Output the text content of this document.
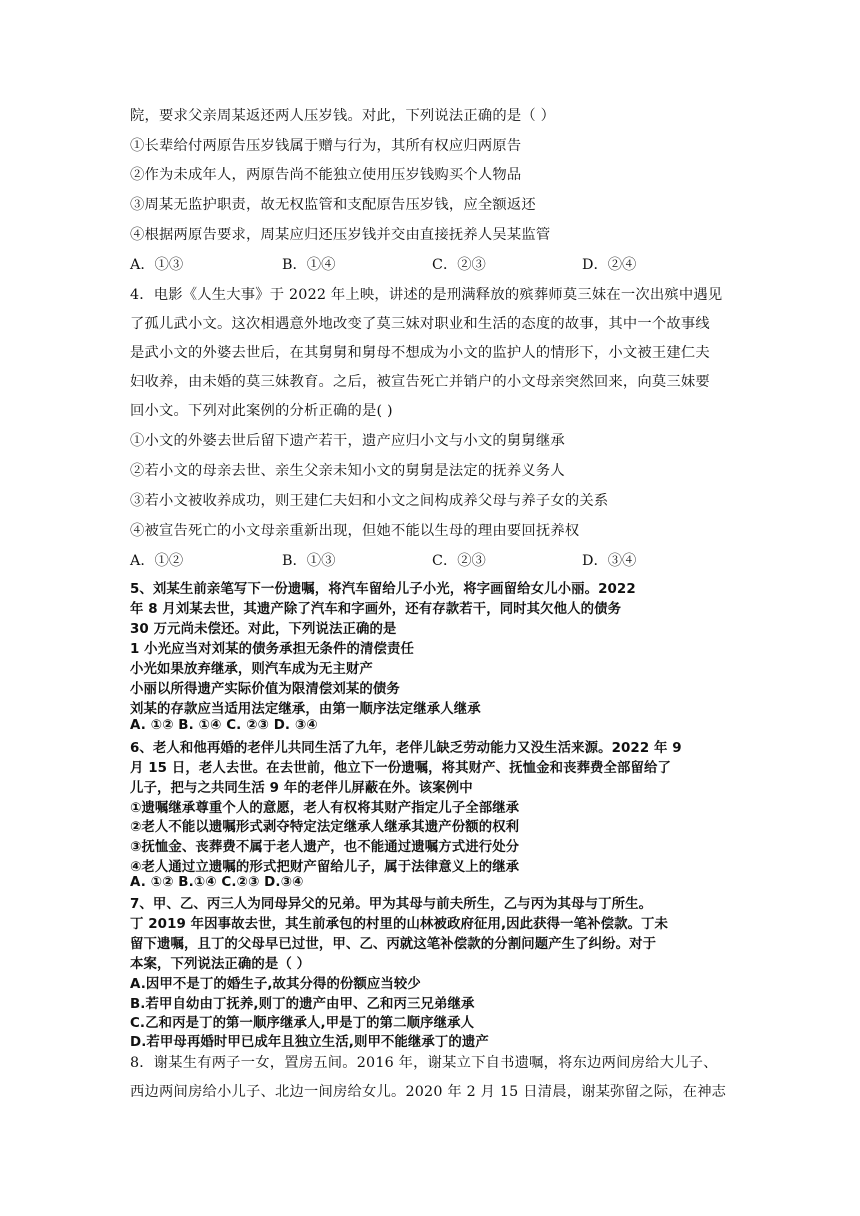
院，要求父亲周某返还两人压岁钱。对此，下列说法正确的是（ ）
①长辈给付两原告压岁钱属于赠与行为，其所有权应归两原告
②作为未成年人，两原告尚不能独立使用压岁钱购买个人物品
③周某无监护职责，故无权监管和支配原告压岁钱，应全额返还
④根据两原告要求，周某应归还压岁钱并交由直接抚养人吴某监管
A．①③	B．①④	C．②③	D．②④
4．电影《人生大事》于 2022 年上映，讲述的是刑满释放的殡葬师莫三妹在一次出殡中遇见
了孤儿武小文。这次相遇意外地改变了莫三妹对职业和生活的态度的故事，其中一个故事线
是武小文的外婆去世后，在其舅舅和舅母不想成为小文的监护人的情形下，小文被王建仁夫
妇收养，由未婚的莫三妹教育。之后，被宣告死亡并销户的小文母亲突然回来，向莫三妹要
回小文。下列对此案例的分析正确的是( )
①小文的外婆去世后留下遗产若干，遗产应归小文与小文的舅舅继承
②若小文的母亲去世、亲生父亲未知小文的舅舅是法定的抚养义务人
③若小文被收养成功，则王建仁夫妇和小文之间构成养父母与养子女的关系
④被宣告死亡的小文母亲重新出现，但她不能以生母的理由要回抚养权
A．①②	B．①③	C．②③	D．③④
5、刘某生前亲笔写下一份遗嘱，将汽车留给儿子小光，将字画留给女儿小丽。2022
年 8 月刘某去世，其遗产除了汽车和字画外，还有存款若干，同时其欠他人的债务
30 万元尚未偿还。对此，下列说法正确的是
1 小光应当对刘某的债务承担无条件的清偿责任
小光如果放弃继承，则汽车成为无主财产
小丽以所得遗产实际价值为限清偿刘某的债务
刘某的存款应当适用法定继承，由第一顺序法定继承人继承
A. ①② B. ①④ C. ②③ D. ③④
6、老人和他再婚的老伴儿共同生活了九年，老伴儿缺乏劳动能力又没生活来源。2022 年 9
月 15 日，老人去世。在去世前，他立下一份遗嘱，将其财产、抚恤金和丧葬费全部留给了
儿子，把与之共同生活 9 年的老伴儿屏蔽在外。该案例中
①遗嘱继承尊重个人的意愿，老人有权将其财产指定儿子全部继承
②老人不能以遗嘱形式剥夺特定法定继承人继承其遗产份额的权利
③抚恤金、丧葬费不属于老人遗产，也不能通过遗嘱方式进行处分
④老人通过立遗嘱的形式把财产留给儿子，属于法律意义上的继承
A. ①② B.①④ C.②③ D.③④
7、甲、乙、丙三人为同母异父的兄弟。甲为其母与前夫所生，乙与丙为其母与丁所生。
丁 2019 年因事故去世，其生前承包的村里的山林被政府征用,因此获得一笔补偿款。丁未
留下遗嘱，且丁的父母早已过世，甲、乙、丙就这笔补偿款的分割问题产生了纠纷。对于
本案，下列说法正确的是（ ）
A.因甲不是丁的婚生子,故其分得的份额应当较少
B.若甲自幼由丁抚养,则丁的遗产由甲、乙和丙三兄弟继承
C.乙和丙是丁的第一顺序继承人,甲是丁的第二顺序继承人
D.若甲母再婚时甲已成年且独立生活,则甲不能继承丁的遗产
8．谢某生有两子一女，置房五间。2016 年，谢某立下自书遗嘱，将东边两间房给大儿子、
西边两间房给小儿子、北边一间房给女儿。2020 年 2 月 15 日清晨，谢某弥留之际，在神志
